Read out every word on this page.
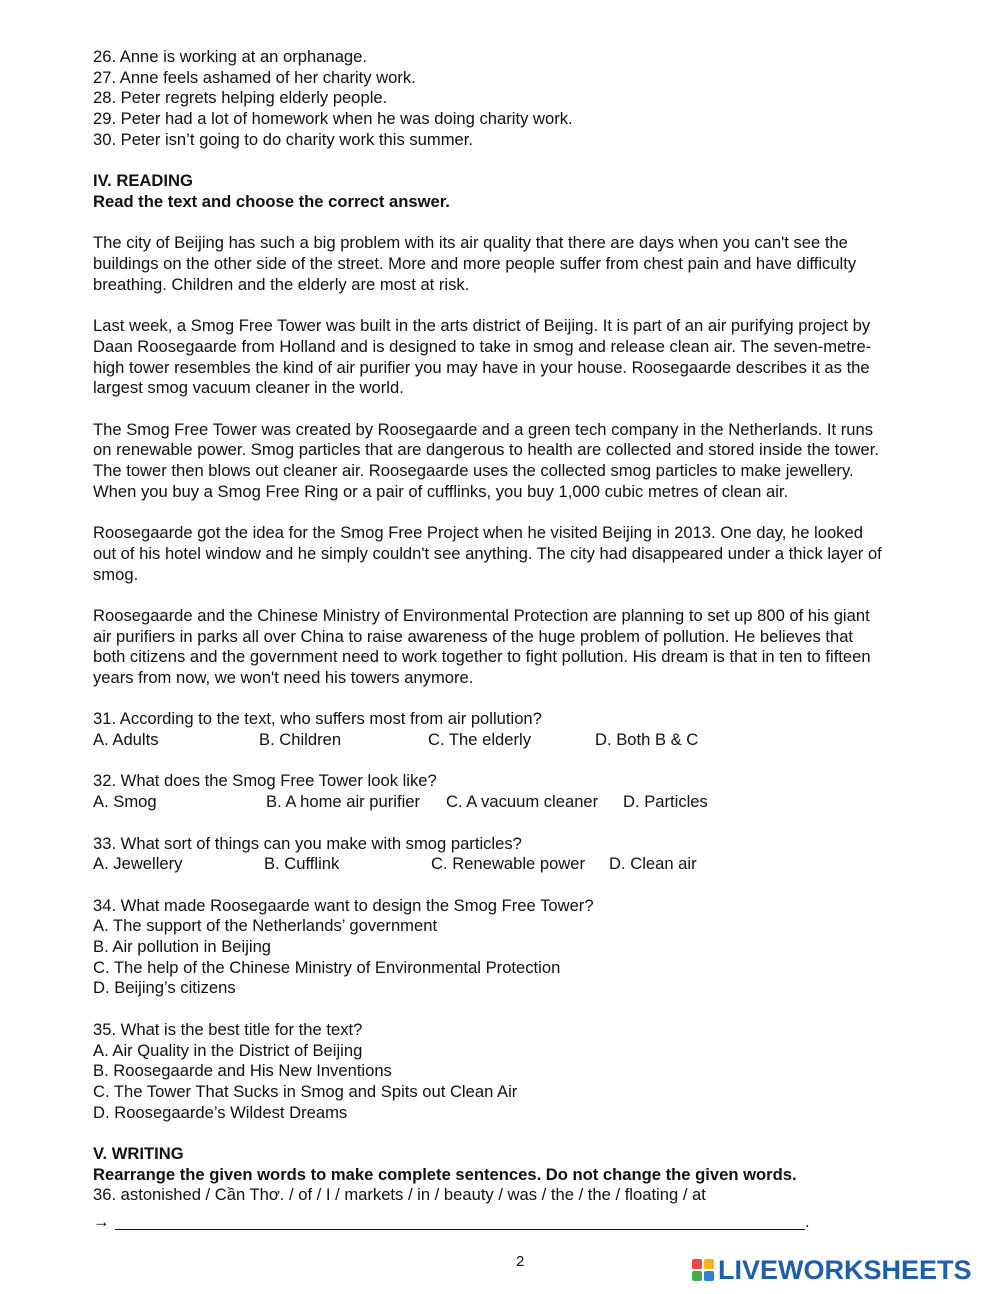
26. Anne is working at an orphanage.

27. Anne feels ashamed of her charity work.

28. Peter regrets helping elderly people.

29. Peter had a lot of homework when he was doing charity work.

30. Peter isn’t going to do charity work this summer.

IV. READING

Read the text and choose the correct answer.

The city of Beijing has such a big problem with its air quality that there are days when you can't see the

buildings on the other side of the street. More and more people suffer from chest pain and have difficulty

breathing. Children and the elderly are most at risk.

Last week, a Smog Free Tower was built in the arts district of Beijing. It is part of an air purifying project by

Daan Roosegaarde from Holland and is designed to take in smog and release clean air. The seven-metre-

high tower resembles the kind of air purifier you may have in your house. Roosegaarde describes it as the

largest smog vacuum cleaner in the world.

The Smog Free Tower was created by Roosegaarde and a green tech company in the Netherlands. It runs

on renewable power. Smog particles that are dangerous to health are collected and stored inside the tower.

The tower then blows out cleaner air. Roosegaarde uses the collected smog particles to make jewellery.

When you buy a Smog Free Ring or a pair of cufflinks, you buy 1,000 cubic metres of clean air.

Roosegaarde got the idea for the Smog Free Project when he visited Beijing in 2013. One day, he looked

out of his hotel window and he simply couldn't see anything. The city had disappeared under a thick layer of

smog.

Roosegaarde and the Chinese Ministry of Environmental Protection are planning to set up 800 of his giant

air purifiers in parks all over China to raise awareness of the huge problem of pollution. He believes that

both citizens and the government need to work together to fight pollution. His dream is that in ten to fifteen

years from now, we won't need his towers anymore.

31. According to the text, who suffers most from air pollution?

A. Adults	B. Children	C. The elderly	D. Both B & C

32. What does the Smog Free Tower look like?

A. Smog	B. A home air purifier C. A vacuum cleaner D. Particles

33. What sort of things can you make with smog particles?

A. Jewellery	B. Cufflink	C. Renewable power D. Clean air

34. What made Roosegaarde want to design the Smog Free Tower?

A. The support of the Netherlands’ government

B. Air pollution in Beijing

C. The help of the Chinese Ministry of Environmental Protection

D. Beijing’s citizens

35. What is the best title for the text?

A. Air Quality in the District of Beijing

B. Roosegaarde and His New Inventions

C. The Tower That Sucks in Smog and Spits out Clean Air

D. Roosegaarde’s Wildest Dreams

V. WRITING

Rearrange the given words to make complete sentences. Do not change the given words.

36. astonished / Cần Thơ. / of / I / markets / in / beauty / was / the / the / floating / at

→	.
2	LIVEWORKSHEETS
